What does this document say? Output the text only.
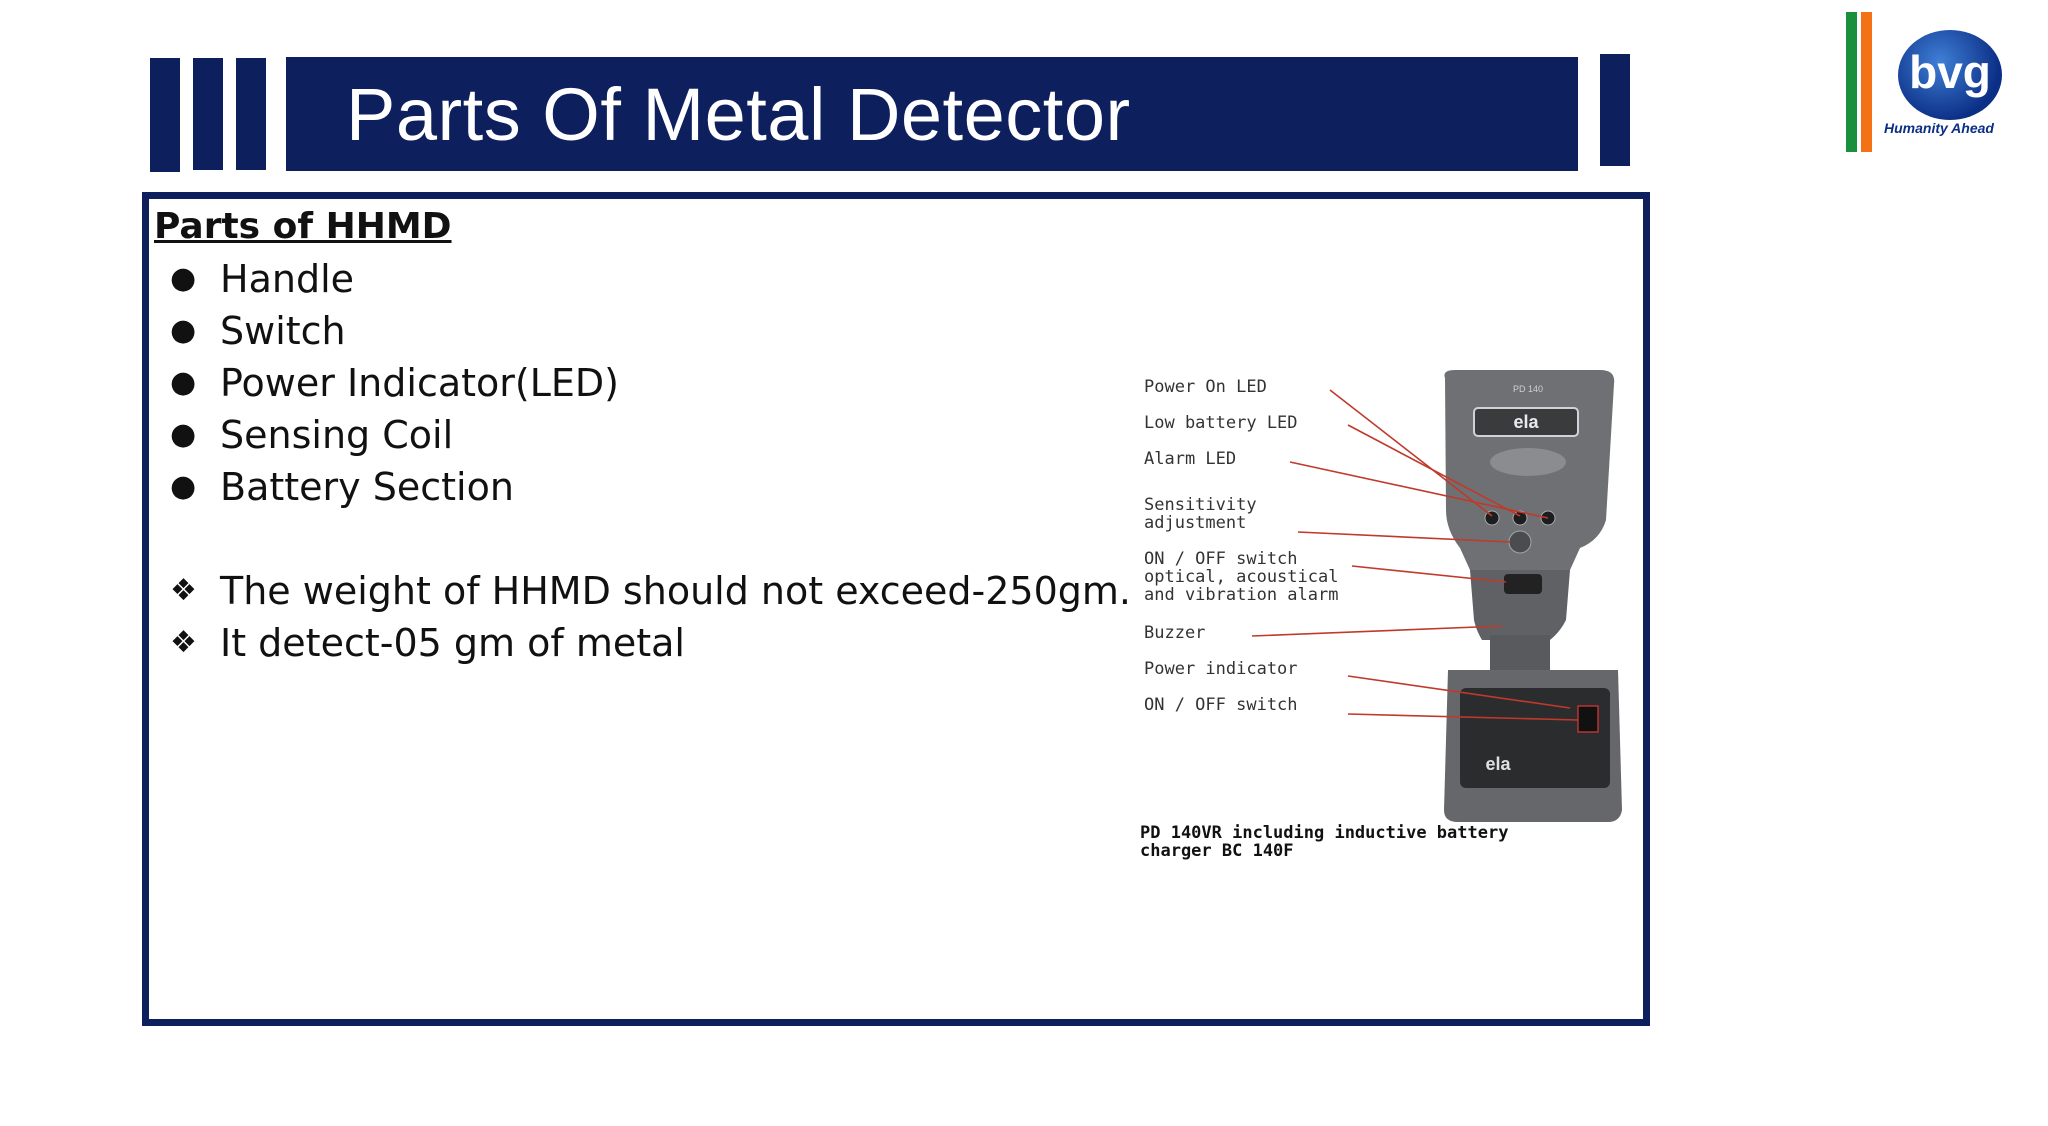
Parts Of Metal Detector
bvg
Humanity Ahead
Parts of HHMD
● Handle
● Switch
● Power Indicator(LED)
● Sensing Coil
● Battery Section
❖ The weight of HHMD should not exceed-250gm.
❖ It detect-05 gm of metal
ela
PD 140
ela
Power On LED
Low battery LED
Alarm LED
Sensitivity
adjustment
ON / OFF switch
optical, acoustical
and vibration alarm
Buzzer
Power indicator
ON / OFF switch
PD 140VR including inductive battery
charger BC 140F
